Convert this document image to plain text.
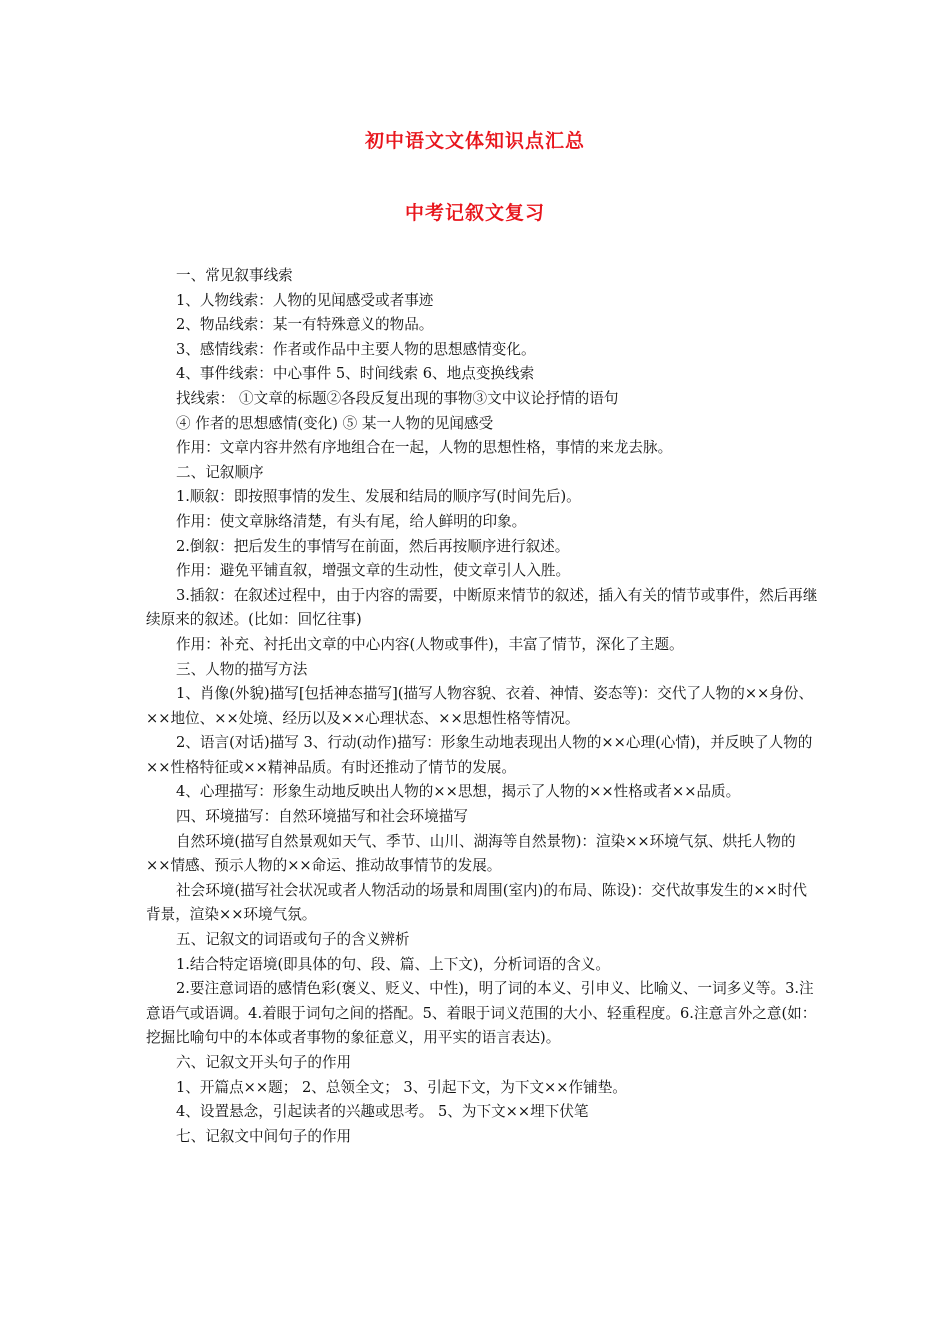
初中语文文体知识点汇总
中考记叙文复习
一、常见叙事线索
1、人物线索：人物的见闻感受或者事迹
2、物品线索：某一有特殊意义的物品。
3、感情线索：作者或作品中主要人物的思想感情变化。
4、事件线索：中心事件 5、时间线索 6、地点变换线索
找线索： ①文章的标题②各段反复出现的事物③文中议论抒情的语句
④ 作者的思想感情(变化) ⑤ 某一人物的见闻感受
作用：文章内容井然有序地组合在一起，人物的思想性格，事情的来龙去脉。
二、记叙顺序
1.顺叙：即按照事情的发生、发展和结局的顺序写(时间先后)。
作用：使文章脉络清楚，有头有尾，给人鲜明的印象。
2.倒叙：把后发生的事情写在前面，然后再按顺序进行叙述。
作用：避免平铺直叙，增强文章的生动性，使文章引人入胜。
3.插叙：在叙述过程中，由于内容的需要，中断原来情节的叙述，插入有关的情节或事件，然后再继续原来的叙述。(比如：回忆往事)
作用：补充、衬托出文章的中心内容(人物或事件)，丰富了情节，深化了主题。
三、人物的描写方法
1、肖像(外貌)描写[包括神态描写](描写人物容貌、衣着、神情、姿态等)：交代了人物的××身份、××地位、××处境、经历以及××心理状态、××思想性格等情况。
2、语言(对话)描写 3、行动(动作)描写：形象生动地表现出人物的××心理(心情)，并反映了人物的××性格特征或××精神品质。有时还推动了情节的发展。
4、心理描写：形象生动地反映出人物的××思想，揭示了人物的××性格或者××品质。
四、环境描写：自然环境描写和社会环境描写
自然环境(描写自然景观如天气、季节、山川、湖海等自然景物)：渲染××环境气氛、烘托人物的××情感、预示人物的××命运、推动故事情节的发展。
社会环境(描写社会状况或者人物活动的场景和周围(室内)的布局、陈设)：交代故事发生的××时代背景，渲染××环境气氛。
五、记叙文的词语或句子的含义辨析
1.结合特定语境(即具体的句、段、篇、上下文)，分析词语的含义。
2.要注意词语的感情色彩(褒义、贬义、中性)，明了词的本义、引申义、比喻义、一词多义等。3.注意语气或语调。4.着眼于词句之间的搭配。5、着眼于词义范围的大小、轻重程度。6.注意言外之意(如：挖掘比喻句中的本体或者事物的象征意义，用平实的语言表达)。
六、记叙文开头句子的作用
1、开篇点××题； 2、总领全文； 3、引起下文，为下文××作铺垫。
4、设置悬念，引起读者的兴趣或思考。 5、为下文××埋下伏笔
七、记叙文中间句子的作用
